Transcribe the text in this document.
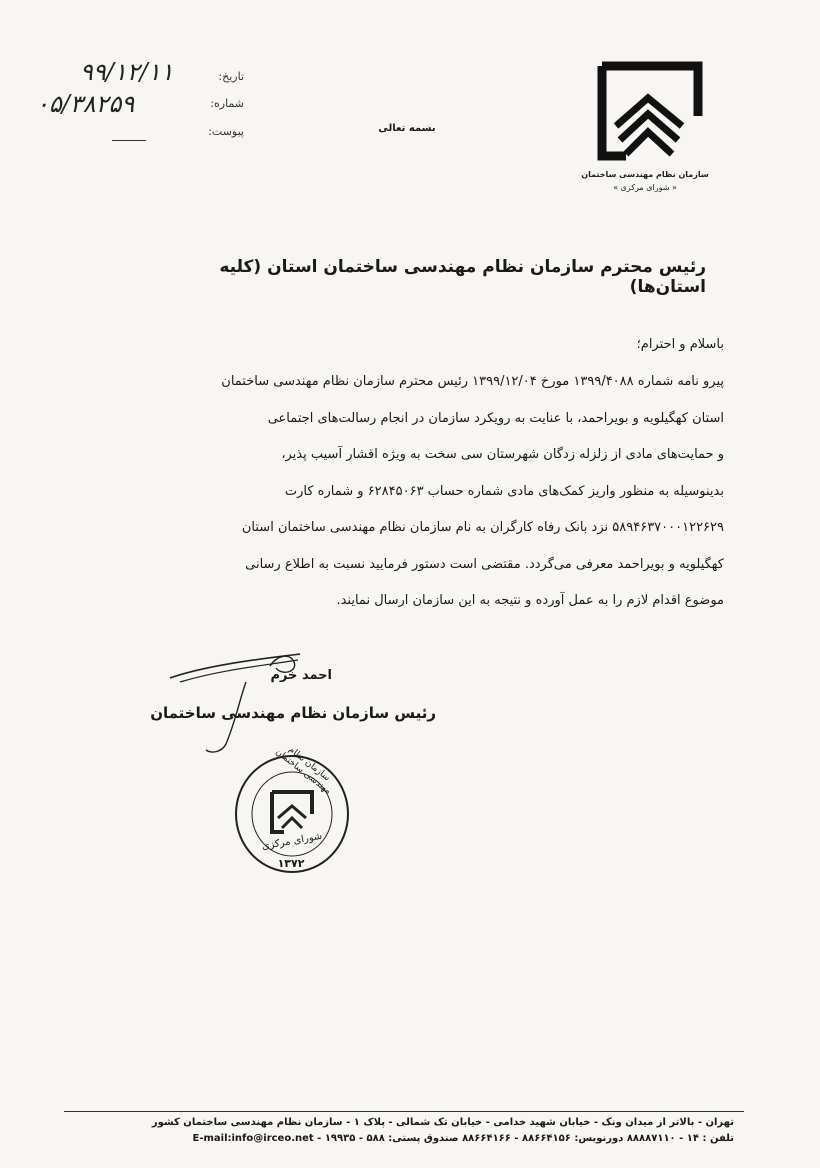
تاریخ:
شماره:
پیوست:
۹۹/۱۲/۱۱
۰۵/۳۸۲۵۹
بسمه تعالی
سازمان نظام مهندسی ساختمان
« شورای مرکزی »
رئیس محترم سازمان نظام مهندسی ساختمان استان (کلیه استان‌ها)
باسلام و احترام؛

پیرو نامه شماره ۱۳۹۹/۴۰۸۸ مورخ ۱۳۹۹/۱۲/۰۴ رئیس محترم سازمان نظام مهندسی ساختمان

استان کهگیلویه و بویراحمد، با عنایت به رویکرد سازمان در انجام رسالت‌های اجتماعی

و حمایت‌های مادی از زلزله زدگان شهرستان سی سخت به ویژه اقشار آسیب پذیر،

بدینوسیله به منظور واریز کمک‌های مادی شماره حساب ۶۲۸۴۵۰۶۳ و شماره کارت

۵۸۹۴۶۳۷۰۰۰۱۲۲۶۲۹ نزد بانک رفاه کارگران به نام سازمان نظام مهندسی ساختمان استان

کهگیلویه و بویراحمد معرفی می‌گردد. مقتضی است دستور فرمایید نسبت به اطلاع رسانی

موضوع اقدام لازم را به عمل آورده و نتیجه به این سازمان ارسال نمایند.

احمد خرم
رئیس سازمان نظام مهندسی ساختمان
سازمان نظام مهندسی ساختمان
شورای مرکزی
۱۳۷۲
تهران - بالاتر از میدان ونک - خیابان شهید خدامی - خیابان تک شمالی - پلاک ۱ - سازمان نظام مهندسی ساختمان کشور
تلفن : ۱۴ - ۸۸۸۸۷۱۱۰ دورنویس: ۸۸۶۶۴۱۵۶ - ۸۸۶۶۴۱۶۶ صندوق پستی: ۵۸۸ - ۱۹۹۳۵ - E-mail:info@irceo.net
